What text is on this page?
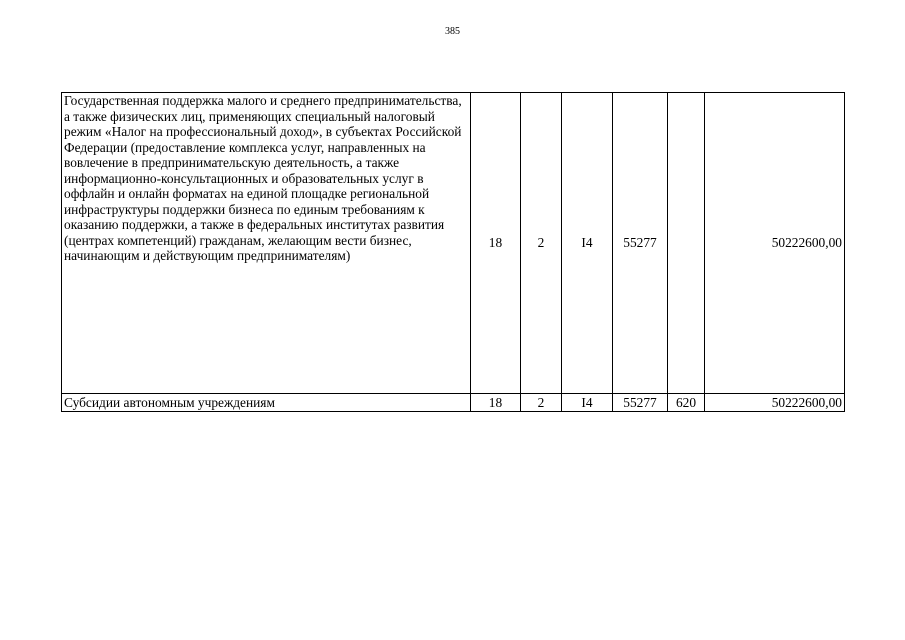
385
Государственная поддержка малого и среднего предпринимательства, а также физических лиц, применяющих специальный налоговый режим «Налог на профессиональный доход», в субъектах Российской Федерации (предоставление комплекса услуг, направленных на вовлечение в предпринимательскую деятельность, а также информационно-консультационных и образовательных услуг в оффлайн и онлайн форматах на единой площадке региональной инфраструктуры поддержки бизнеса по единым требованиям к оказанию поддержки, а также в федеральных институтах развития (центрах компетенций) гражданам, желающим вести бизнес, начинающим и действующим предпринимателям)	18	2	I4	55277		50222600,00
Субсидии автономным учреждениям	18	2	I4	55277	620	50222600,00
